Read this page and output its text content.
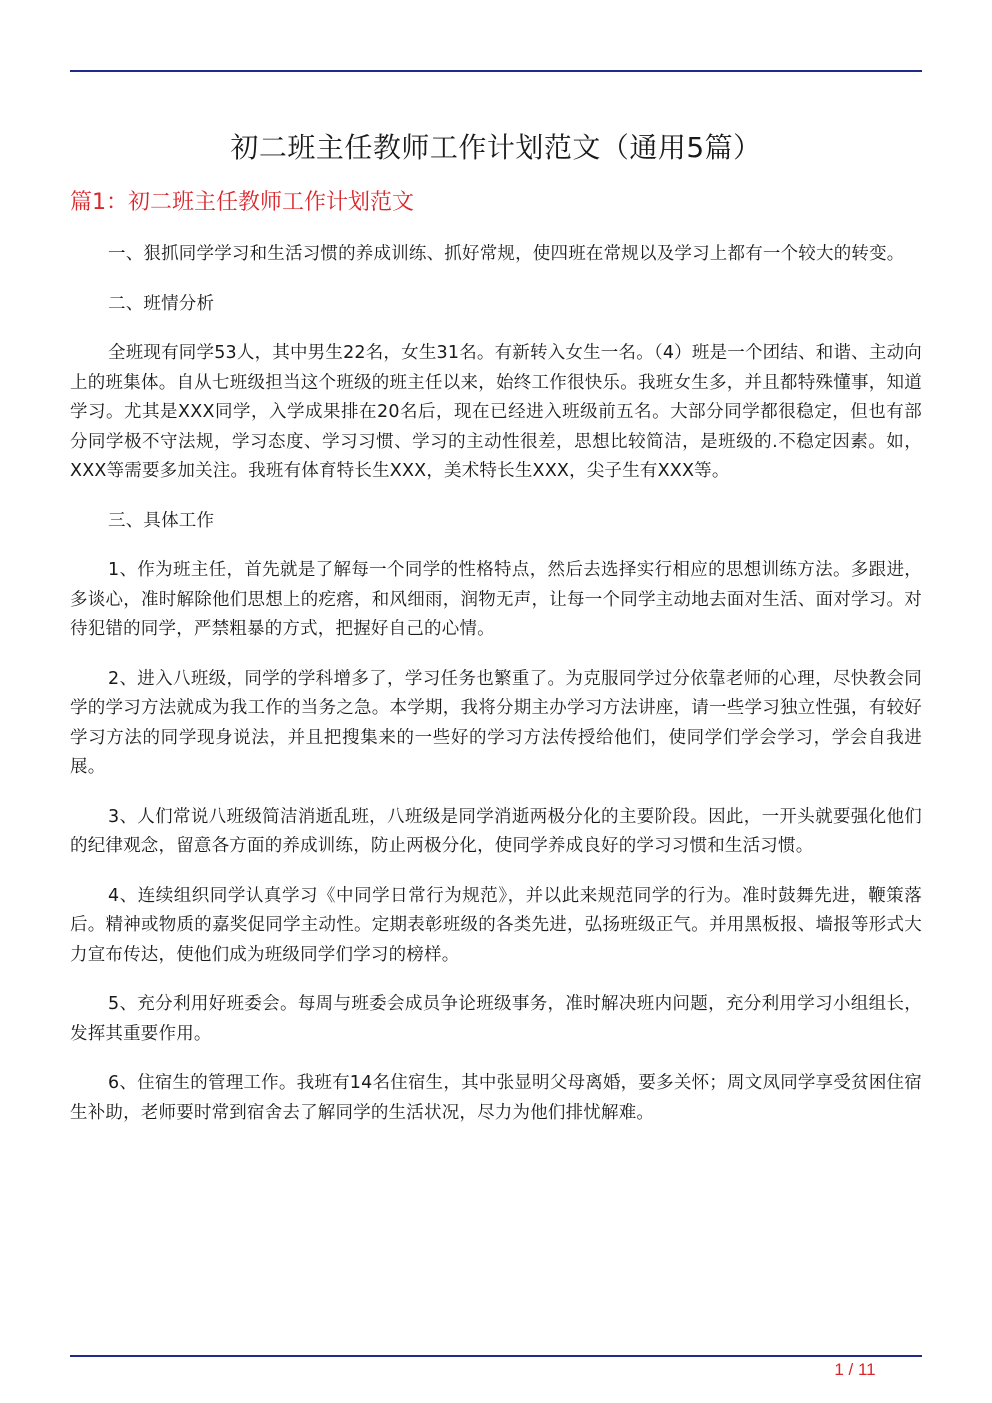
初二班主任教师工作计划范文（通用5篇）
篇1：初二班主任教师工作计划范文

一、狠抓同学学习和生活习惯的养成训练、抓好常规，使四班在常规以及学习上都有一个较大的转变。

二、班情分析

全班现有同学53人，其中男生22名，女生31名。有新转入女生一名。（4）班是一个团结、和谐、主动向上的班集体。自从七班级担当这个班级的班主任以来，始终工作很快乐。我班女生多，并且都特殊懂事，知道学习。尤其是XXX同学，入学成果排在20名后，现在已经进入班级前五名。大部分同学都很稳定，但也有部分同学极不守法规，学习态度、学习习惯、学习的主动性很差，思想比较简洁，是班级的.不稳定因素。如，XXX等需要多加关注。我班有体育特长生XXX，美术特长生XXX，尖子生有XXX等。

三、具体工作

1、作为班主任，首先就是了解每一个同学的性格特点，然后去选择实行相应的思想训练方法。多跟进，多谈心，准时解除他们思想上的疙瘩，和风细雨，润物无声，让每一个同学主动地去面对生活、面对学习。对待犯错的同学，严禁粗暴的方式，把握好自己的心情。

2、进入八班级，同学的学科增多了，学习任务也繁重了。为克服同学过分依靠老师的心理，尽快教会同学的学习方法就成为我工作的当务之急。本学期，我将分期主办学习方法讲座，请一些学习独立性强，有较好学习方法的同学现身说法，并且把搜集来的一些好的学习方法传授给他们，使同学们学会学习，学会自我进展。

3、人们常说八班级简洁消逝乱班，八班级是同学消逝两极分化的主要阶段。因此，一开头就要强化他们的纪律观念，留意各方面的养成训练，防止两极分化，使同学养成良好的学习习惯和生活习惯。

4、连续组织同学认真学习《中同学日常行为规范》，并以此来规范同学的行为。准时鼓舞先进，鞭策落后。精神或物质的嘉奖促同学主动性。定期表彰班级的各类先进，弘扬班级正气。并用黑板报、墙报等形式大力宣布传达，使他们成为班级同学们学习的榜样。

5、充分利用好班委会。每周与班委会成员争论班级事务，准时解决班内问题，充分利用学习小组组长，发挥其重要作用。

6、住宿生的管理工作。我班有14名住宿生，其中张显明父母离婚，要多关怀；周文凤同学享受贫困住宿生补助，老师要时常到宿舍去了解同学的生活状况，尽力为他们排忧解难。

1 / 11
